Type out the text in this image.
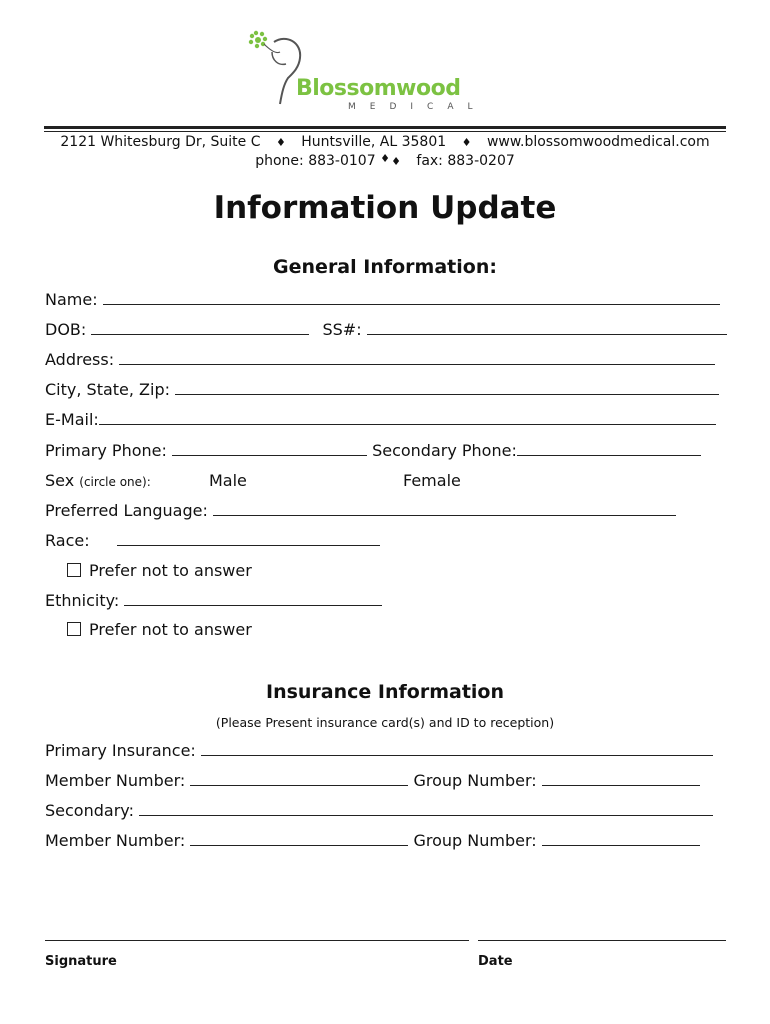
Blossomwood
MEDICAL
2121 Whitesburg Dr, Suite C ♦ Huntsville, AL 35801 ♦ www.blossomwoodmedical.com ♦
phone: 883-0107 ♦ fax: 883-0207
Information Update
General Information:
Name:
DOB:	SS#:
Address:
City, State, Zip:
E-Mail:
Primary Phone:	Secondary Phone:
Sex (circle one):	Male	Female
Preferred Language:
Race:
Prefer not to answer
Ethnicity:
Prefer not to answer
Insurance Information
(Please Present insurance card(s) and ID to reception)
Primary Insurance:
Member Number:	Group Number:
Secondary:
Member Number:	Group Number:
Signature	Date
